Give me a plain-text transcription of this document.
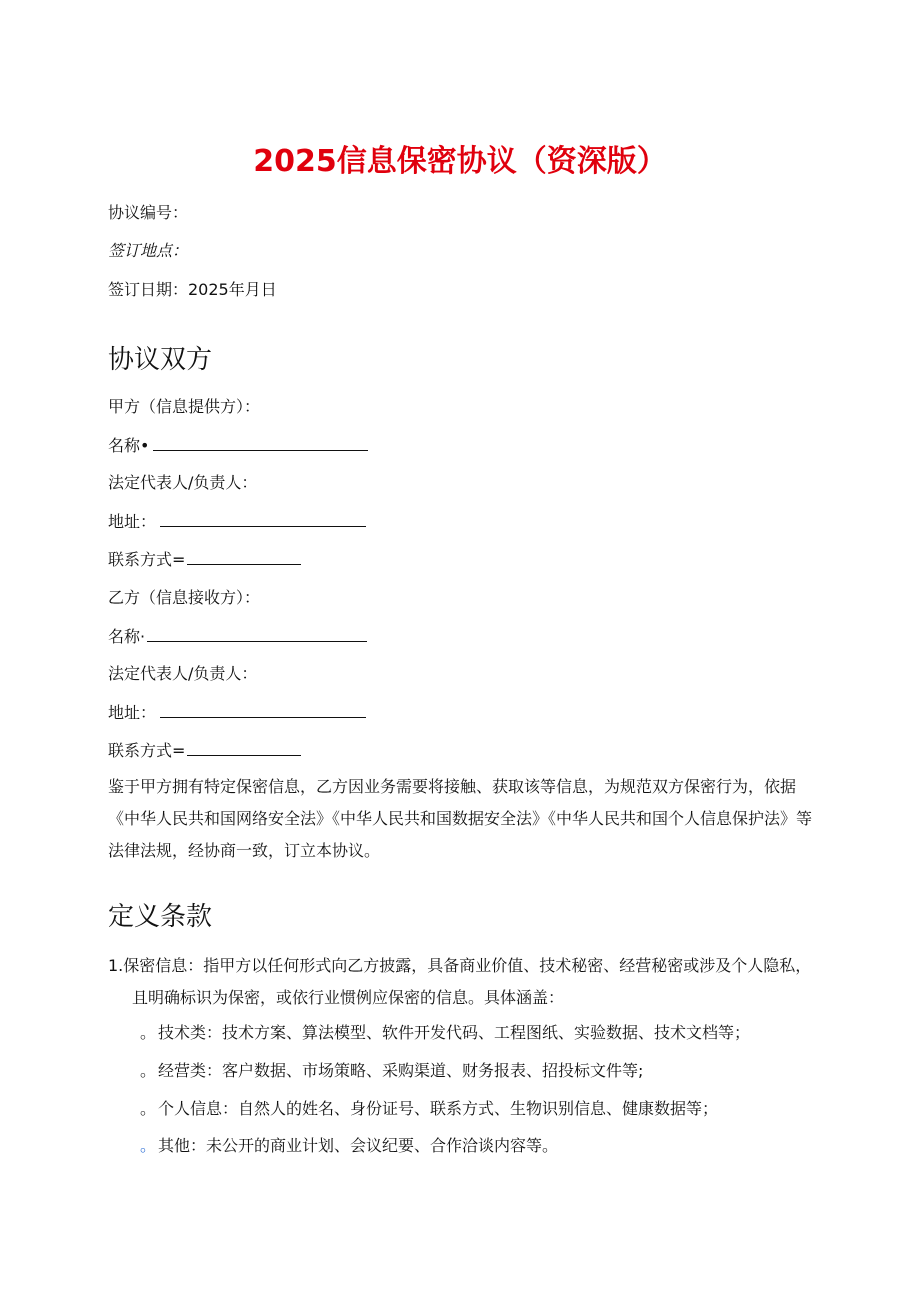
2025信息保密协议（资深版）
协议编号：
签订地点：
签订日期：2025年月日
协议双方
甲方（信息提供方）：
名称•
法定代表人/负责人：
地址：
联系方式=
乙方（信息接收方）：
名称·
法定代表人/负责人：
地址：
联系方式=
鉴于甲方拥有特定保密信息，乙方因业务需要将接触、获取该等信息，为规范双方保密行为，依据《中华人民共和国网络安全法》《中华人民共和国数据安全法》《中华人民共和国个人信息保护法》等法律法规，经协商一致，订立本协议。
定义条款
1.保密信息：指甲方以任何形式向乙方披露，具备商业价值、技术秘密、经营秘密或涉及个人隐私，且明确标识为保密，或依行业惯例应保密的信息。具体涵盖：
。 技术类：技术方案、算法模型、软件开发代码、工程图纸、实验数据、技术文档等；
。 经营类：客户数据、市场策略、采购渠道、财务报表、招投标文件等;
。 个人信息：自然人的姓名、身份证号、联系方式、生物识别信息、健康数据等；
。 其他：未公开的商业计划、会议纪要、合作洽谈内容等。
